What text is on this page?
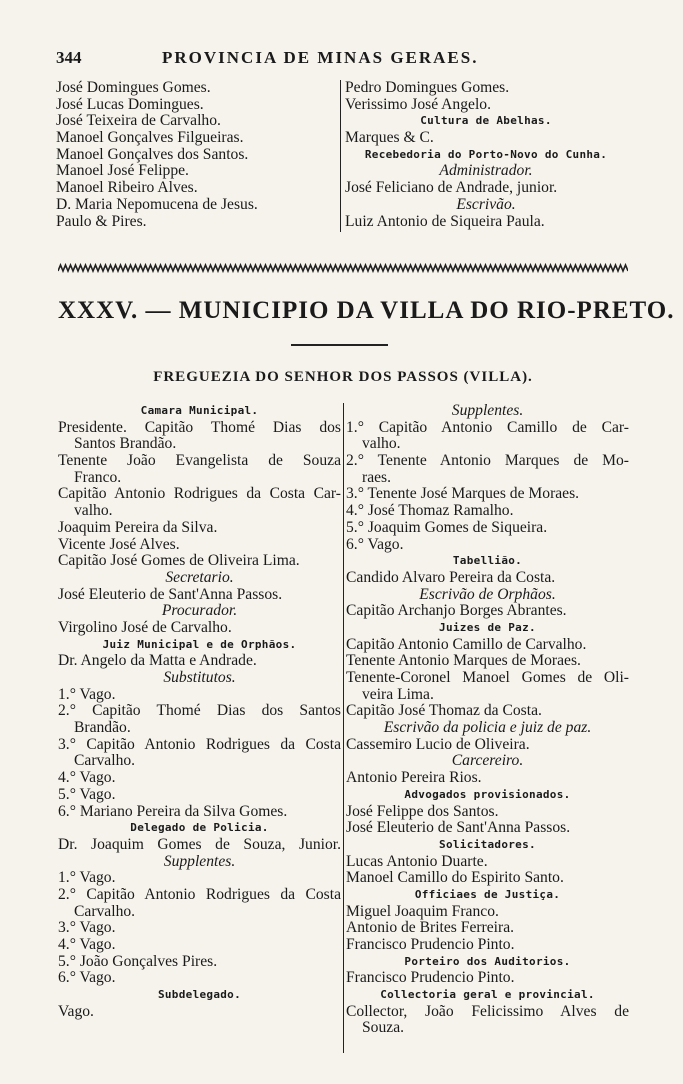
344	PROVINCIA DE MINAS GERAES.
José Domingues Gomes.
José Lucas Domingues.
José Teixeira de Carvalho.
Manoel Gonçalves Filgueiras.
Manoel Gonçalves dos Santos.
Manoel José Felippe.
Manoel Ribeiro Alves.
D. Maria Nepomucena de Jesus.
Paulo & Pires.
Pedro Domingues Gomes.
Verissimo José Angelo.
Cultura de Abelhas.
Marques & C.
Recebedoria do Porto-Novo do Cunha.
Administrador.
José Feliciano de Andrade, junior.
Escrivão.
Luiz Antonio de Siqueira Paula.
XXXV. — MUNICIPIO DA VILLA DO RIO-PRETO.
FREGUEZIA DO SENHOR DOS PASSOS (VILLA).
Camara Municipal.
Presidente. Capitão Thomé Dias dos
Santos Brandão.
Tenente João Evangelista de Souza
Franco.
Capitão Antonio Rodrigues da Costa Car-
valho.
Joaquim Pereira da Silva.
Vicente José Alves.
Capitão José Gomes de Oliveira Lima.
Secretario.
José Eleuterio de Sant'Anna Passos.
Procurador.
Virgolino José de Carvalho.
Juiz Municipal e de Orphãos.
Dr. Angelo da Matta e Andrade.
Substitutos.
1.° Vago.
2.° Capitão Thomé Dias dos Santos
Brandão.
3.° Capitão Antonio Rodrigues da Costa
Carvalho.
4.° Vago.
5.° Vago.
6.° Mariano Pereira da Silva Gomes.
Delegado de Policia.
Dr. Joaquim Gomes de Souza, Junior.
Supplentes.
1.° Vago.
2.° Capitão Antonio Rodrigues da Costa
Carvalho.
3.° Vago.
4.° Vago.
5.° João Gonçalves Pires.
6.° Vago.
Subdelegado.
Vago.
Supplentes.
1.° Capitão Antonio Camillo de Car-
valho.
2.° Tenente Antonio Marques de Mo-
raes.
3.° Tenente José Marques de Moraes.
4.° José Thomaz Ramalho.
5.° Joaquim Gomes de Siqueira.
6.° Vago.
Tabellião.
Candido Alvaro Pereira da Costa.
Escrivão de Orphãos.
Capitão Archanjo Borges Abrantes.
Juizes de Paz.
Capitão Antonio Camillo de Carvalho.
Tenente Antonio Marques de Moraes.
Tenente-Coronel Manoel Gomes de Oli-
veira Lima.
Capitão José Thomaz da Costa.
Escrivão da policia e juiz de paz.
Cassemiro Lucio de Oliveira.
Carcereiro.
Antonio Pereira Rios.
Advogados provisionados.
José Felippe dos Santos.
José Eleuterio de Sant'Anna Passos.
Solicitadores.
Lucas Antonio Duarte.
Manoel Camillo do Espirito Santo.
Officiaes de Justiça.
Miguel Joaquim Franco.
Antonio de Brites Ferreira.
Francisco Prudencio Pinto.
Porteiro dos Auditorios.
Francisco Prudencio Pinto.
Collectoria geral e provincial.
Collector, João Felicissimo Alves de
Souza.
